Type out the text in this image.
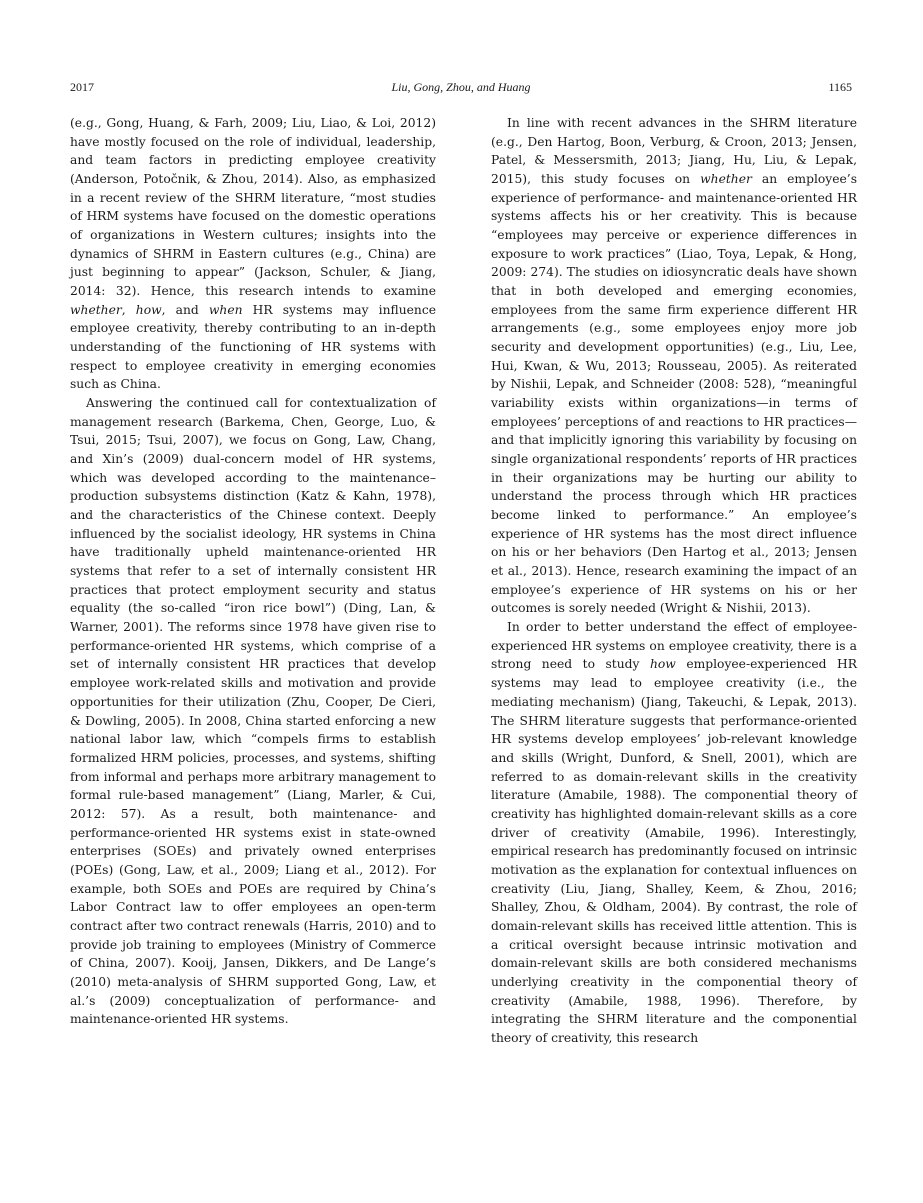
2017	Liu, Gong, Zhou, and Huang	1165

(e.g., Gong, Huang, & Farh, 2009; Liu, Liao, & Loi, 2012) have mostly focused on the role of individual, leadership, and team factors in predicting employee creativity (Anderson, Potočnik, & Zhou, 2014). Also, as emphasized in a recent review of the SHRM literature, “most studies of HRM systems have focused on the domestic operations of organizations in Western cultures; insights into the dynamics of SHRM in Eastern cultures (e.g., China) are just beginning to appear” (Jackson, Schuler, & Jiang, 2014: 32). Hence, this research intends to examine whether, how, and when HR systems may influence employee creativity, thereby contributing to an in-depth understanding of the functioning of HR systems with respect to employee creativity in emerging economies such as China.

Answering the continued call for contextualization of management research (Barkema, Chen, George, Luo, & Tsui, 2015; Tsui, 2007), we focus on Gong, Law, Chang, and Xin’s (2009) dual-concern model of HR systems, which was developed according to the maintenance–production subsystems distinction (Katz & Kahn, 1978), and the characteristics of the Chinese context. Deeply influenced by the socialist ideology, HR systems in China have traditionally upheld maintenance-oriented HR systems that refer to a set of internally consistent HR practices that protect employment security and status equality (the so-called “iron rice bowl”) (Ding, Lan, & Warner, 2001). The reforms since 1978 have given rise to performance-oriented HR systems, which comprise of a set of internally consistent HR practices that develop employee work-related skills and motivation and provide opportunities for their utilization (Zhu, Cooper, De Cieri, & Dowling, 2005). In 2008, China started enforcing a new national labor law, which “compels firms to establish formalized HRM policies, processes, and systems, shifting from informal and perhaps more arbitrary management to formal rule-based management” (Liang, Marler, & Cui, 2012: 57). As a result, both maintenance- and performance-oriented HR systems exist in state-owned enterprises (SOEs) and privately owned enterprises (POEs) (Gong, Law, et al., 2009; Liang et al., 2012). For example, both SOEs and POEs are required by China’s Labor Contract law to offer employees an open-term contract after two contract renewals (Harris, 2010) and to provide job training to employees (Ministry of Commerce of China, 2007). Kooij, Jansen, Dikkers, and De Lange’s (2010) meta-analysis of SHRM supported Gong, Law, et al.’s (2009) conceptualization of performance- and maintenance-oriented HR systems.

In line with recent advances in the SHRM literature (e.g., Den Hartog, Boon, Verburg, & Croon, 2013; Jensen, Patel, & Messersmith, 2013; Jiang, Hu, Liu, & Lepak, 2015), this study focuses on whether an employee’s experience of performance- and maintenance-oriented HR systems affects his or her creativity. This is because “employees may perceive or experience differences in exposure to work practices” (Liao, Toya, Lepak, & Hong, 2009: 274). The studies on idiosyncratic deals have shown that in both developed and emerging economies, employees from the same firm experience different HR arrangements (e.g., some employees enjoy more job security and development opportunities) (e.g., Liu, Lee, Hui, Kwan, & Wu, 2013; Rousseau, 2005). As reiterated by Nishii, Lepak, and Schneider (2008: 528), “meaningful variability exists within organizations—in terms of employees’ perceptions of and reactions to HR practices—and that implicitly ignoring this variability by focusing on single organizational respondents’ reports of HR practices in their organizations may be hurting our ability to understand the process through which HR practices become linked to performance.” An employee’s experience of HR systems has the most direct influence on his or her behaviors (Den Hartog et al., 2013; Jensen et al., 2013). Hence, research examining the impact of an employee’s experience of HR systems on his or her outcomes is sorely needed (Wright & Nishii, 2013).

In order to better understand the effect of employee-experienced HR systems on employee creativity, there is a strong need to study how employee-experienced HR systems may lead to employee creativity (i.e., the mediating mechanism) (Jiang, Takeuchi, & Lepak, 2013). The SHRM literature suggests that performance-oriented HR systems develop employees’ job-relevant knowledge and skills (Wright, Dunford, & Snell, 2001), which are referred to as domain-relevant skills in the creativity literature (Amabile, 1988). The componential theory of creativity has highlighted domain-relevant skills as a core driver of creativity (Amabile, 1996). Interestingly, empirical research has predominantly focused on intrinsic motivation as the explanation for contextual influences on creativity (Liu, Jiang, Shalley, Keem, & Zhou, 2016; Shalley, Zhou, & Oldham, 2004). By contrast, the role of domain-relevant skills has received little attention. This is a critical oversight because intrinsic motivation and domain-relevant skills are both considered mechanisms underlying creativity in the componential theory of creativity (Amabile, 1988, 1996). Therefore, by integrating the SHRM literature and the componential theory of creativity, this research
